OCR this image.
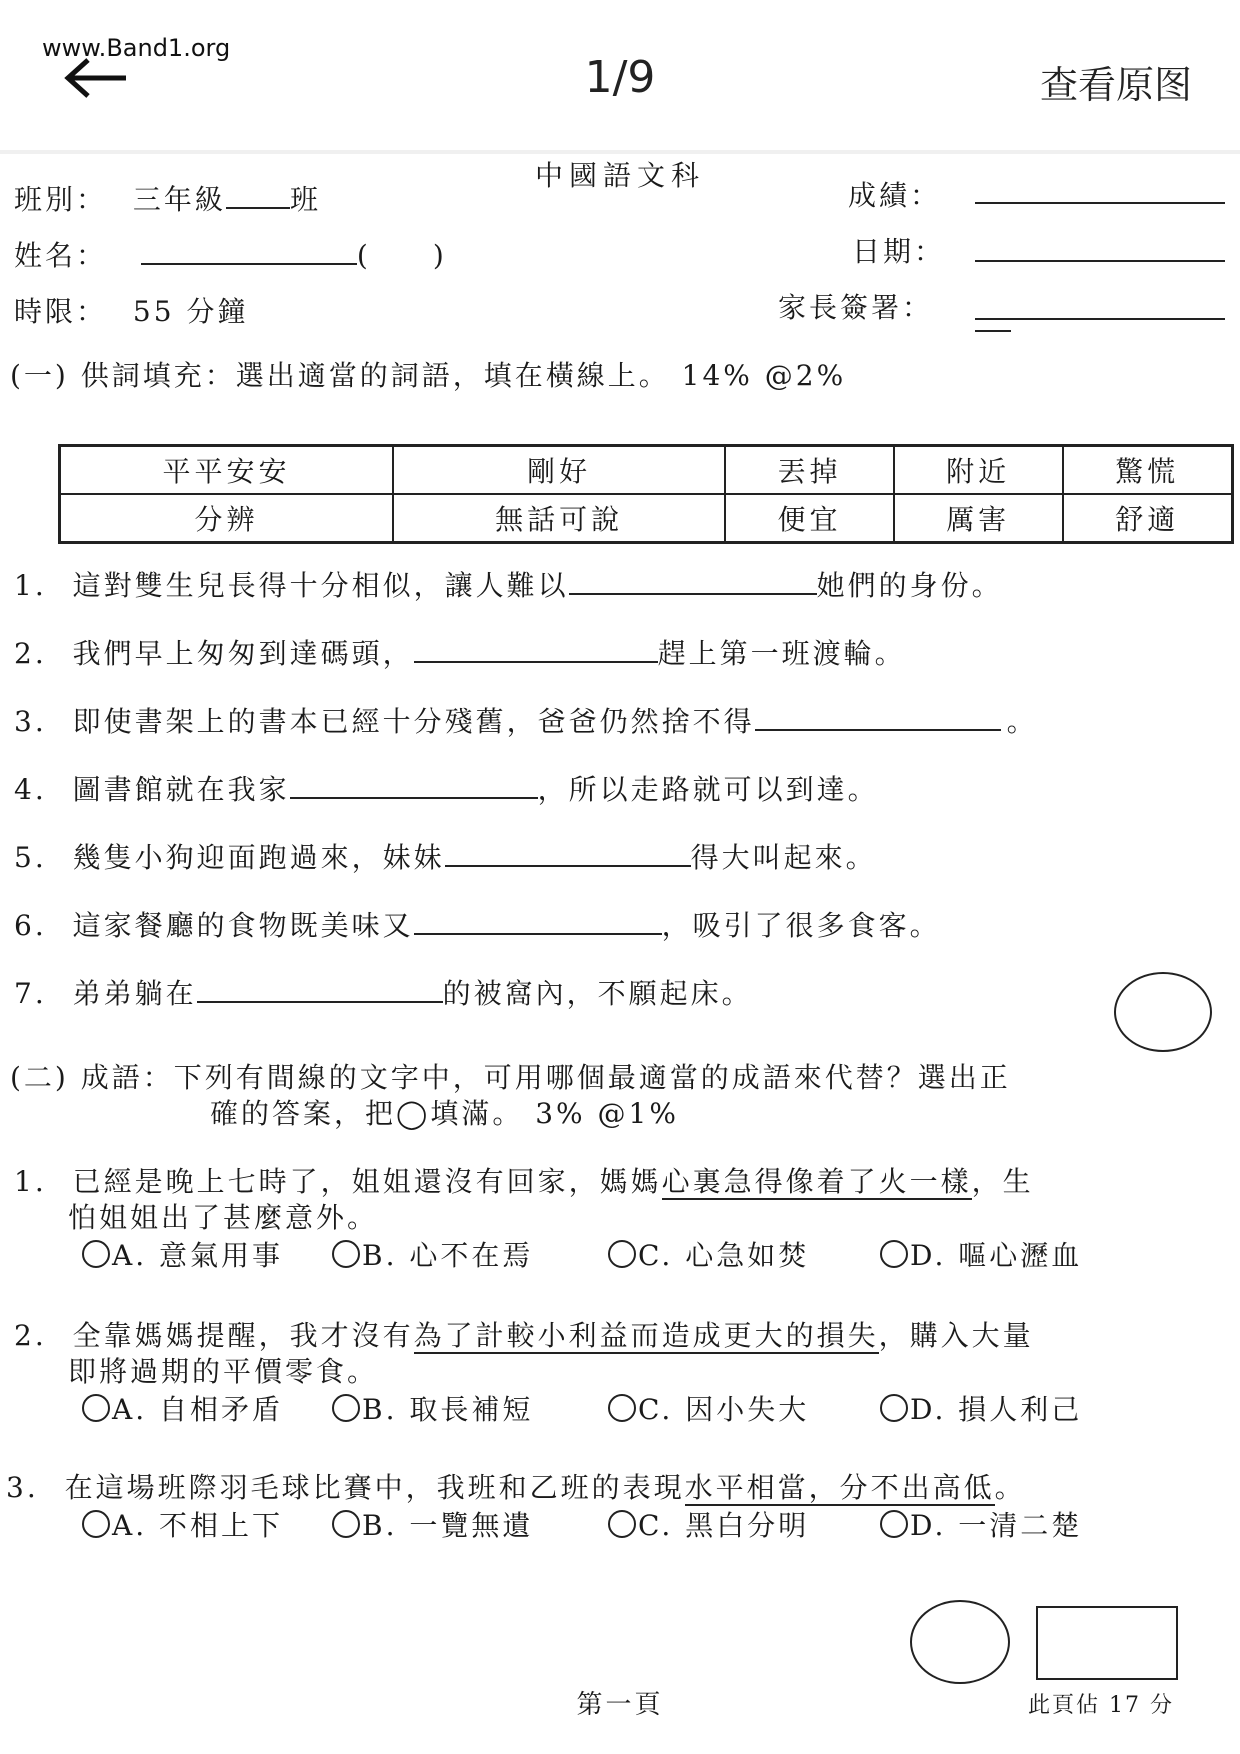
www.Band1.org
1/9	查看原图
中國語文科
班別： 三年級 班	成績：
姓名：	(　　)	日期：
時限： 55 分鐘	家長簽署：
(一) 供詞填充：選出適當的詞語，填在橫線上。 14% @2%
平平安安	剛好	丟掉	附近	驚慌
分辨	無話可說	便宜	厲害	舒適
1. 這對雙生兒長得十分相似，讓人難以	她們的身份。
2. 我們早上匆匆到達碼頭，	趕上第一班渡輪。
3. 即使書架上的書本已經十分殘舊，爸爸仍然捨不得	。
4. 圖書館就在我家	，所以走路就可以到達。
5. 幾隻小狗迎面跑過來，妹妹	得大叫起來。
6. 這家餐廳的食物既美味又	，吸引了很多食客。
7. 弟弟躺在	的被窩內，不願起床。
(二) 成語：下列有間線的文字中，可用哪個最適當的成語來代替？選出正
確的答案，把◯填滿。 3% @1%
1. 已經是晚上七時了，姐姐還沒有回家，媽媽心裏急得像着了火一樣，生
怕姐姐出了甚麼意外。
A. 意氣用事	B. 心不在焉	C. 心急如焚	D. 嘔心瀝血
2. 全靠媽媽提醒，我才沒有為了計較小利益而造成更大的損失，購入大量
即將過期的平價零食。
A. 自相矛盾	B. 取長補短	C. 因小失大	D. 損人利己
3. 在這場班際羽毛球比賽中，我班和乙班的表現水平相當，分不出高低。
A. 不相上下	B. 一覽無遺	C. 黑白分明	D. 一清二楚
第一頁	此頁佔 17 分
